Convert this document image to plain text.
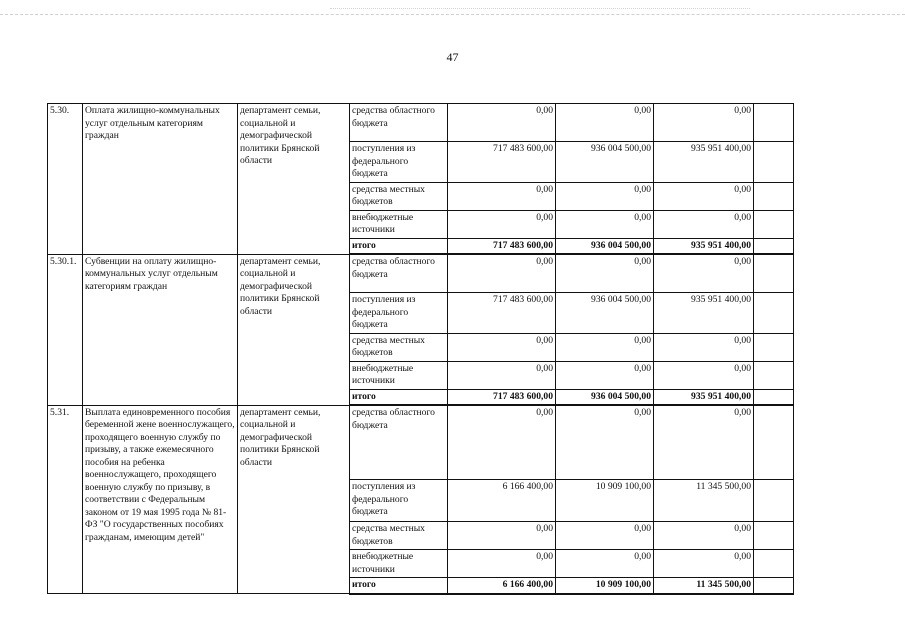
47
5.30.	Оплата жилищно-коммунальных услуг отдельным категориям граждан	департамент семьи, социальной и демографической политики Брянской области	средства областного бюджета	0,00	0,00	0,00	
			поступления из федерального бюджета	717 483 600,00	936 004 500,00	935 951 400,00	
			средства местных бюджетов	0,00	0,00	0,00	
			внебюджетные источники	0,00	0,00	0,00	
			итого	717 483 600,00	936 004 500,00	935 951 400,00	
5.30.1.	Субвенции на оплату жилищно-коммунальных услуг отдельным категориям граждан	департамент семьи, социальной и демографической политики Брянской области	средства областного бюджета	0,00	0,00	0,00	
			поступления из федерального бюджета	717 483 600,00	936 004 500,00	935 951 400,00	
			средства местных бюджетов	0,00	0,00	0,00	
			внебюджетные источники	0,00	0,00	0,00	
			итого	717 483 600,00	936 004 500,00	935 951 400,00	
5.31.	Выплата единовременного пособия беременной жене военнослужащего, проходящего военную службу по призыву, а также ежемесячного пособия на ребенка военнослужащего, проходящего военную службу по призыву, в соответствии с Федеральным законом от 19 мая 1995 года № 81-ФЗ "О государственных пособиях гражданам, имеющим детей"	департамент семьи, социальной и демографической политики Брянской области	средства областного бюджета	0,00	0,00	0,00	
			поступления из федерального бюджета	6 166 400,00	10 909 100,00	11 345 500,00	
			средства местных бюджетов	0,00	0,00	0,00	
			внебюджетные источники	0,00	0,00	0,00	
			итого	6 166 400,00	10 909 100,00	11 345 500,00	
